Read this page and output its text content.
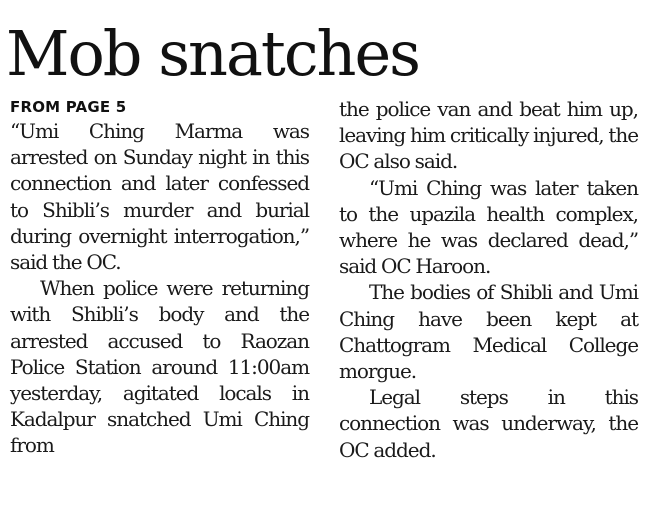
Mob snatches

FROM PAGE 5

“Umi Ching Marma was arrested on Sunday night in this connection and later confessed to Shibli’s murder and burial during overnight interrogation,” said the OC.

When police were returning with Shibli’s body and the arrested accused to Raozan Police Station around 11:00am yesterday, agitated locals in Kadalpur snatched Umi Ching from

the police van and beat him up, leaving him critically injured, the OC also said.

“Umi Ching was later taken to the upazila health complex, where he was declared dead,” said OC Haroon.

The bodies of Shibli and Umi Ching have been kept at Chattogram Medical College morgue.

Legal steps in this connection was underway, the OC added.
